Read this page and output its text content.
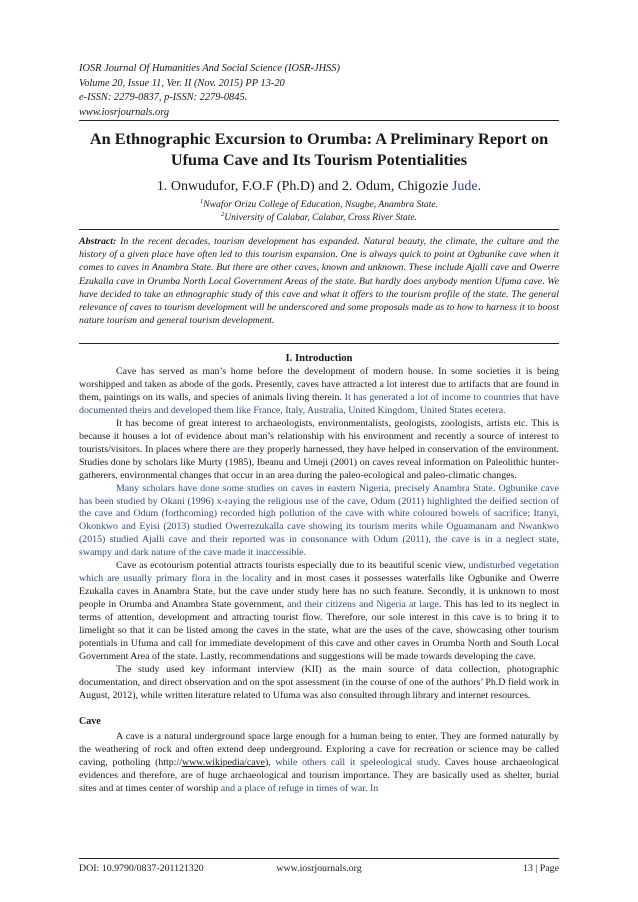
IOSR Journal Of Humanities And Social Science (IOSR-JHSS)
Volume 20, Issue 11, Ver. II (Nov. 2015) PP 13-20
e-ISSN: 2279-0837, p-ISSN: 2279-0845.
www.iosrjournals.org
An Ethnographic Excursion to Orumba: A Preliminary Report on
Ufuma Cave and Its Tourism Potentialities
1. Onwudufor, F.O.F (Ph.D) and 2. Odum, Chigozie Jude.
$^1$Nwafor Orizu College of Education, Nsugbe, Anambra State.
$^2$University of Calabar, Calabar, Cross River State.
Abstract: In the recent decades, tourism development has expanded. Natural beauty, the climate, the culture and the history of a given place have often led to this tourism expansion. One is always quick to point at Ogbunike cave when it comes to caves in Anambra State. But there are other caves, known and unknown. These include Ajalli cave and Owerre Ezukalla cave in Orumba North Local Government Areas of the state. But hardly does anybody mention Ufuma cave. We have decided to take an ethnographic study of this cave and what it offers to the tourism profile of the state. The general relevance of caves to tourism development will be underscored and some proposals made as to how to harness it to boost nature tourism and general tourism development.
I. Introduction

Cave has served as man’s home before the development of modern house. In some societies it is being worshipped and taken as abode of the gods. Presently, caves have attracted a lot interest due to artifacts that are found in them, paintings on its walls, and species of animals living therein. It has generated a lot of income to countries that have documented theirs and developed them like France, Italy, Australia, United Kingdom, United States ecetera.

It has become of great interest to archaeologists, environmentalists, geologists, zoologists, artists etc. This is because it houses a lot of evidence about man’s relationship with his environment and recently a source of interest to tourists/visitors. In places where there are they properly harnessed, they have helped in conservation of the environment. Studies done by scholars like Murty (1985), Ibeanu and Umeji (2001) on caves reveal information on Paleolithic hunter-gatherers, environmental changes that occur in an area during the paleo-ecological and paleo-climatic changes.

Many scholars have done some studies on caves in eastern Nigeria, precisely Anambra State. Ogbunike cave has been studied by Okani (1996) x-raying the religious use of the cave, Odum (2011) highlighted the deified section of the cave and Odum (forthcoming) recorded high pollution of the cave with white coloured bowels of sacrifice; Itanyi, Okonkwo and Eyisi (2013) studied Owerrezukalla cave showing its tourism merits while Oguamanam and Nwankwo (2015) studied Ajalli cave and their reported was in consonance with Odum (2011), the cave is in a neglect state, swampy and dark nature of the cave made it inaccessible.

Cave as ecotourism potential attracts tourists especially due to its beautiful scenic view, undisturbed vegetation which are usually primary flora in the locality and in most cases it possesses waterfalls like Ogbunike and Owerre Ezukalla caves in Anambra State, but the cave under study here has no such feature. Secondly, it is unknown to most people in Orumba and Anambra State government, and their citizens and Nigeria at large. This has led to its neglect in terms of attention, development and attracting tourist flow. Therefore, our sole interest in this cave is to bring it to limelight so that it can be listed among the caves in the state, what are the uses of the cave, showcasing other tourism potentials in Ufuma and call for immediate development of this cave and other caves in Orumba North and South Local Government Area of the state. Lastly, recommendations and suggestions will be made towards developing the cave.

The study used key informant interview (KII) as the main source of data collection, photographic documentation, and direct observation and on the spot assessment (in the course of one of the authors’ Ph.D field work in August, 2012), while written literature related to Ufuma was also consulted through library and internet resources.

Cave

A cave is a natural underground space large enough for a human being to enter. They are formed naturally by the weathering of rock and often extend deep underground. Exploring a cave for recreation or science may be called caving, potholing (http://www.wikipedia/cave), while others call it speleological study. Caves house archaeological evidences and therefore, are of huge archaeological and tourism importance. They are basically used as shelter, burial sites and at times center of worship and a place of refuge in times of war. In

DOI: 10.9790/0837-201121320	www.iosrjournals.org	13 | Page
